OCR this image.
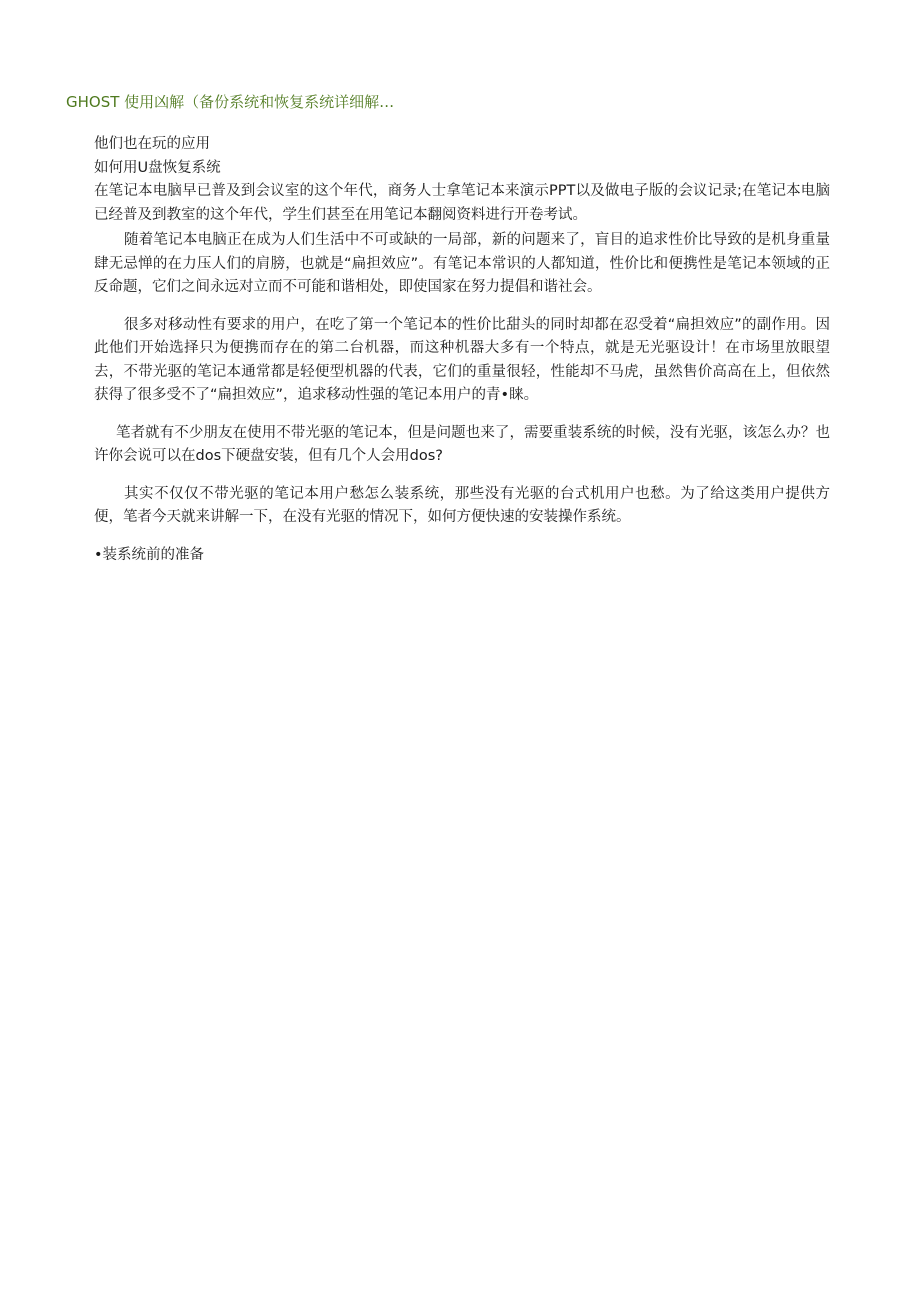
GHOST 使用凶解（备份系统和恢复系统详细解…

他们也在玩的应用

如何用U盘恢复系统

在笔记本电脑早已普及到会议室的这个年代，商务人士拿笔记本来演示PPT以及做电子版的会议记录;在笔记本电脑已经普及到教室的这个年代，学生们甚至在用笔记本翻阅资料进行开卷考试。

随着笔记本电脑正在成为人们生活中不可或缺的一局部，新的问题来了，盲目的追求性价比导致的是机身重量肆无忌惮的在力压人们的肩膀，也就是“扁担效应”。有笔记本常识的人都知道，性价比和便携性是笔记本领域的正反命题，它们之间永远对立而不可能和谐相处，即使国家在努力提倡和谐社会。

很多对移动性有要求的用户，在吃了第一个笔记本的性价比甜头的同时却都在忍受着“扁担效应”的副作用。因此他们开始选择只为便携而存在的第二台机器，而这种机器大多有一个特点，就是无光驱设计！在市场里放眼望去，不带光驱的笔记本通常都是轻便型机器的代表，它们的重量很轻，性能却不马虎，虽然售价高高在上，但依然获得了很多受不了“扁担效应”，追求移动性强的笔记本用户的青•睐。

笔者就有不少朋友在使用不带光驱的笔记本，但是问题也来了，需要重装系统的时候，没有光驱，该怎么办？也许你会说可以在dos下硬盘安装，但有几个人会用dos?

其实不仅仅不带光驱的笔记本用户愁怎么装系统，那些没有光驱的台式机用户也愁。为了给这类用户提供方便，笔者今天就来讲解一下，在没有光驱的情况下，如何方便快速的安装操作系统。

•装系统前的准备
